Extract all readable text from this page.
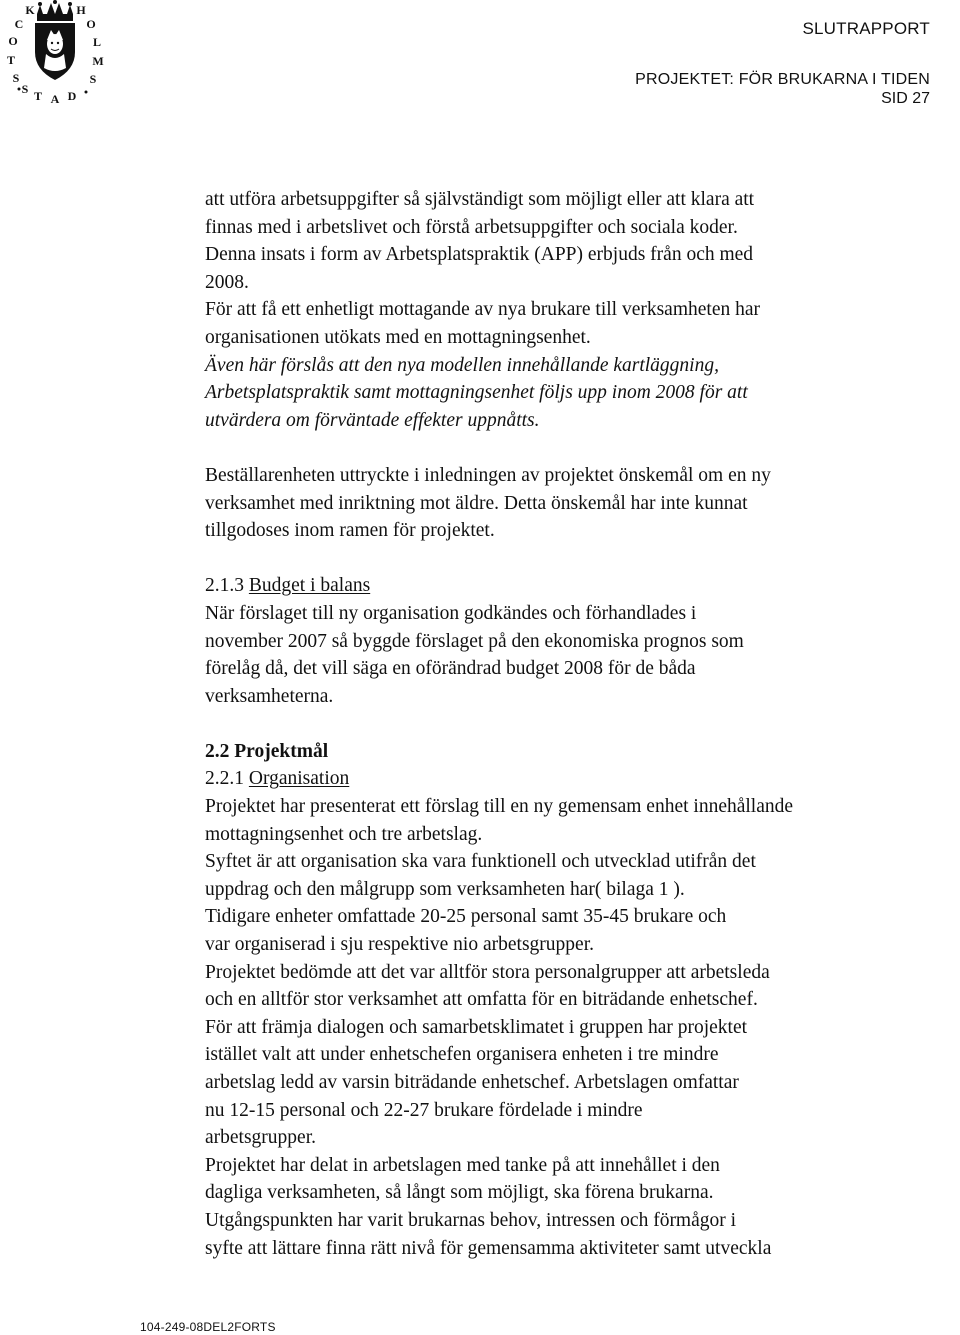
S
T
O
C
K	H
O
L
M
S
S T A D
SLUTRAPPORT
PROJEKTET: FÖR BRUKARNA I TIDEN
SID 27
att utföra arbetsuppgifter så självständigt som möjligt eller att klara att
finnas med i arbetslivet och förstå arbetsuppgifter och sociala koder.
Denna insats i form av Arbetsplatspraktik (APP) erbjuds från och med
2008.
För att få ett enhetligt mottagande av nya brukare till verksamheten har
organisationen utökats med en mottagningsenhet.
Även här förslås att den nya modellen innehållande kartläggning,
Arbetsplatspraktik samt mottagningsenhet följs upp inom 2008 för att
utvärdera om förväntade effekter uppnåtts.
Beställarenheten uttryckte i inledningen av projektet önskemål om en ny
verksamhet med inriktning mot äldre. Detta önskemål har inte kunnat
tillgodoses inom ramen för projektet.
2.1.3 Budget i balans
När förslaget till ny organisation godkändes och förhandlades i
november 2007 så byggde förslaget på den ekonomiska prognos som
förelåg då, det vill säga en oförändrad budget 2008 för de båda
verksamheterna.
2.2 Projektmål
2.2.1 Organisation
Projektet har presenterat ett förslag till en ny gemensam enhet innehållande
mottagningsenhet och tre arbetslag.
Syftet är att organisation ska vara funktionell och utvecklad utifrån det
uppdrag och den målgrupp som verksamheten har( bilaga 1 ).
Tidigare enheter omfattade 20-25 personal samt 35-45 brukare och
var organiserad i sju respektive nio arbetsgrupper.
Projektet bedömde att det var alltför stora personalgrupper att arbetsleda
och en alltför stor verksamhet att omfatta för en biträdande enhetschef.
För att främja dialogen och samarbetsklimatet i gruppen har projektet
istället valt att under enhetschefen organisera enheten i tre mindre
arbetslag ledd av varsin biträdande enhetschef. Arbetslagen omfattar
nu 12-15 personal och 22-27 brukare fördelade i mindre
arbetsgrupper.
Projektet har delat in arbetslagen med tanke på att innehållet i den
dagliga verksamheten, så långt som möjligt, ska förena brukarna.
Utgångspunkten har varit brukarnas behov, intressen och förmågor i
syfte att lättare finna rätt nivå för gemensamma aktiviteter samt utveckla
104-249-08DEL2FORTS
